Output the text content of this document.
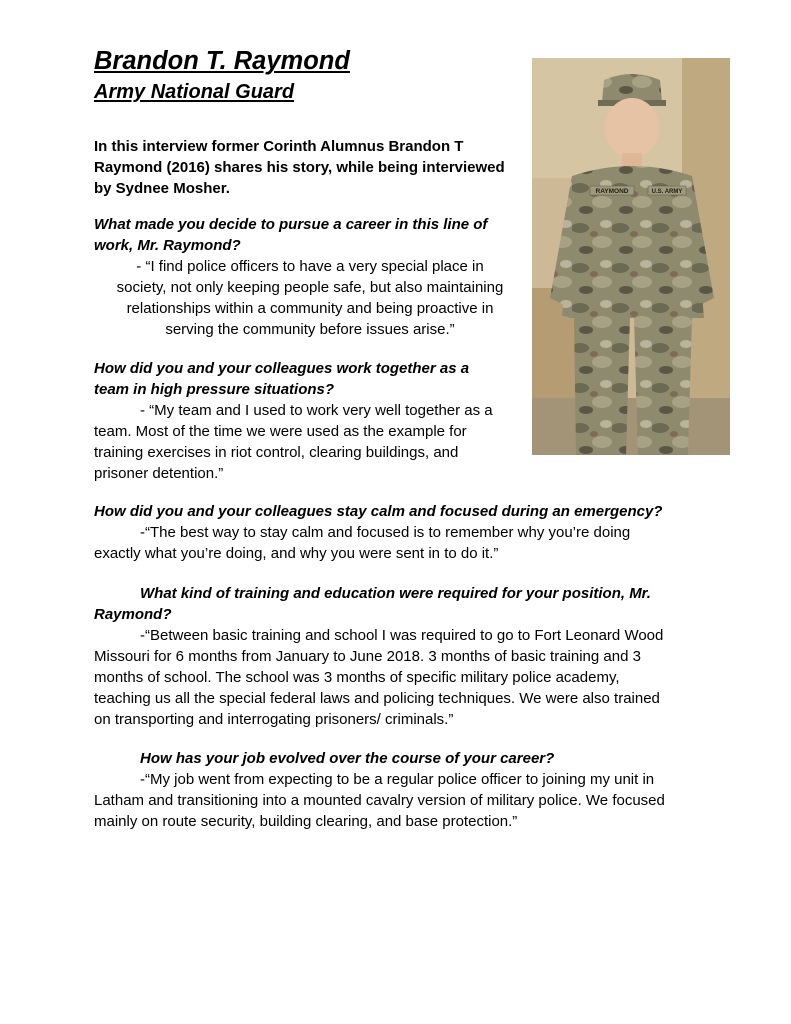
Brandon T. Raymond
Army National Guard
In this interview former Corinth Alumnus Brandon T
Raymond (2016) shares his story, while being interviewed
by Sydnee Mosher.	RAYMOND	U.S. ARMY
What made you decide to pursue a career in this line of
work, Mr. Raymond?
- “I find police officers to have a very special place in
society, not only keeping people safe, but also maintaining
relationships within a community and being proactive in
serving the community before issues arise.”
How did you and your colleagues work together as a
team in high pressure situations?
- “My team and I used to work very well together as a
team. Most of the time we were used as the example for
training exercises in riot control, clearing buildings, and
prisoner detention.”
How did you and your colleagues stay calm and focused during an emergency?
-“The best way to stay calm and focused is to remember why you’re doing
exactly what you’re doing, and why you were sent in to do it.”
What kind of training and education were required for your position, Mr.
Raymond?
-“Between basic training and school I was required to go to Fort Leonard Wood
Missouri for 6 months from January to June 2018. 3 months of basic training and 3
months of school. The school was 3 months of specific military police academy,
teaching us all the special federal laws and policing techniques. We were also trained
on transporting and interrogating prisoners/ criminals.”
How has your job evolved over the course of your career?
-“My job went from expecting to be a regular police officer to joining my unit in
Latham and transitioning into a mounted cavalry version of military police. We focused
mainly on route security, building clearing, and base protection.”
